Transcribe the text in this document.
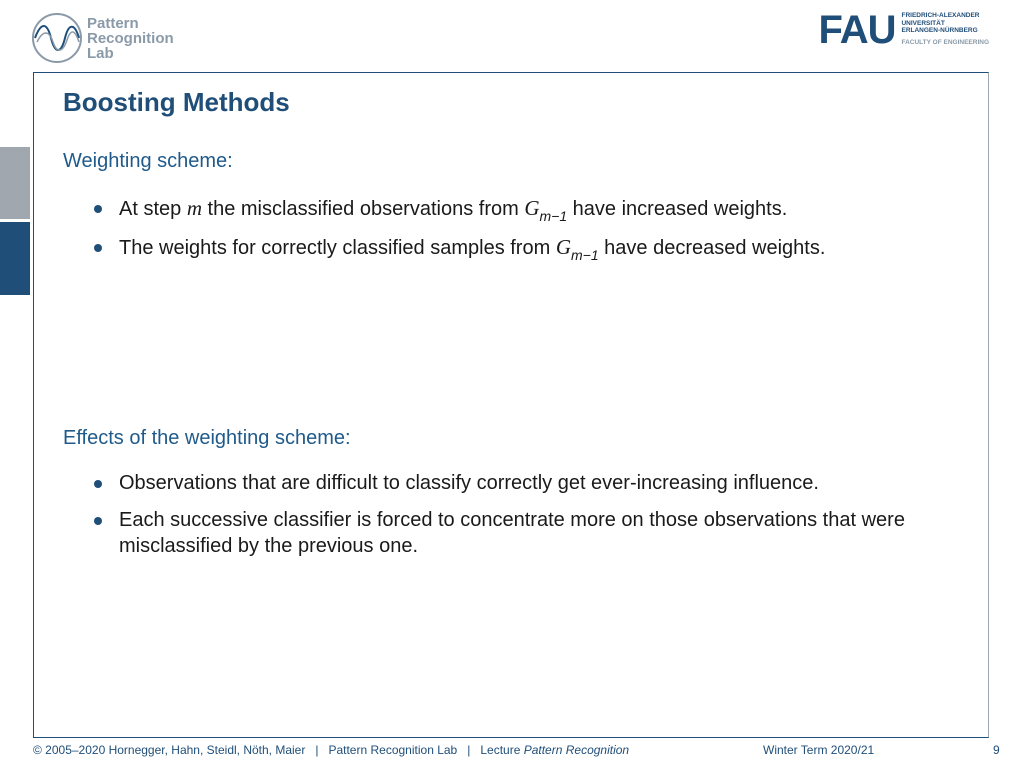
Pattern
Recognition
Lab
FAU FRIEDRICH-ALEXANDER
UNIVERSITÄT
ERLANGEN-NÜRNBERG
FACULTY OF ENGINEERING
Boosting Methods
Weighting scheme:
At step m the misclassified observations from $G_{m-1}$ have increased weights.
The weights for correctly classified samples from $G_{m-1}$ have decreased weights.
Effects of the weighting scheme:
Observations that are difficult to classify correctly get ever-increasing influence.
Each successive classifier is forced to concentrate more on those observations that were misclassified by the previous one.
© 2005–2020 Hornegger, Hahn, Steidl, Nöth, Maier   |   Pattern Recognition Lab   |   Lecture Pattern Recognition	Winter Term 2020/21	9
